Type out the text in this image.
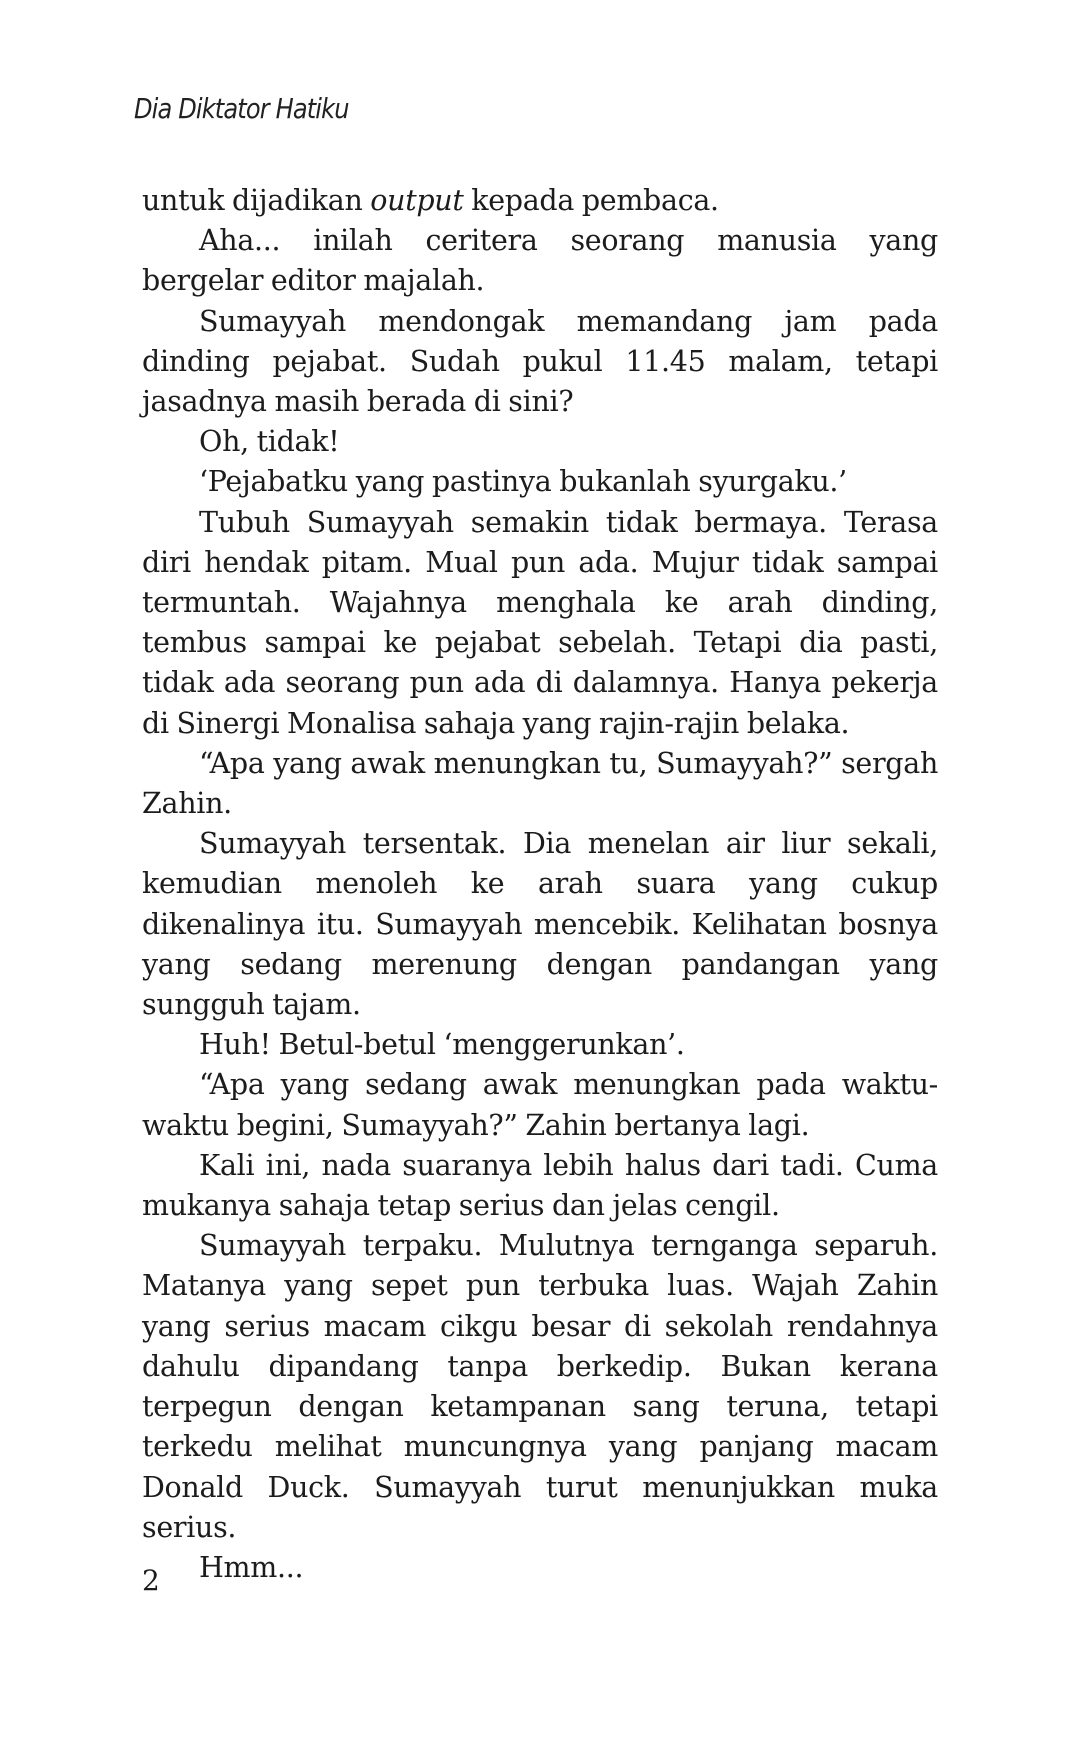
Dia Diktator Hatiku

untuk dijadikan output kepada pembaca.

Aha... inilah ceritera seorang manusia yang bergelar editor majalah.

Sumayyah mendongak memandang jam pada dinding pejabat. Sudah pukul 11.45 malam, tetapi jasadnya masih berada di sini?

Oh, tidak!

‘Pejabatku yang pastinya bukanlah syurgaku.’

Tubuh Sumayyah semakin tidak bermaya. Terasa diri hendak pitam. Mual pun ada. Mujur tidak sampai termuntah. Wajahnya menghala ke arah dinding, tembus sampai ke pejabat sebelah. Tetapi dia pasti, tidak ada seorang pun ada di dalamnya. Hanya pekerja di Sinergi Monalisa sahaja yang rajin-rajin belaka.

“Apa yang awak menungkan tu, Sumayyah?” sergah Zahin.

Sumayyah tersentak. Dia menelan air liur sekali, kemudian menoleh ke arah suara yang cukup dikenalinya itu. Sumayyah mencebik. Kelihatan bosnya yang sedang merenung dengan pandangan yang sungguh tajam.

Huh! Betul-betul ‘menggerunkan’.

“Apa yang sedang awak menungkan pada waktu-waktu begini, Sumayyah?” Zahin bertanya lagi.

Kali ini, nada suaranya lebih halus dari tadi. Cuma mukanya sahaja tetap serius dan jelas cengil.

Sumayyah terpaku. Mulutnya ternganga separuh. Matanya yang sepet pun terbuka luas. Wajah Zahin yang serius macam cikgu besar di sekolah rendahnya dahulu dipandang tanpa berkedip. Bukan kerana terpegun dengan ketampanan sang teruna, tetapi terkedu melihat muncungnya yang panjang macam Donald Duck. Sumayyah turut menunjukkan muka serius.

Hmm...

2
